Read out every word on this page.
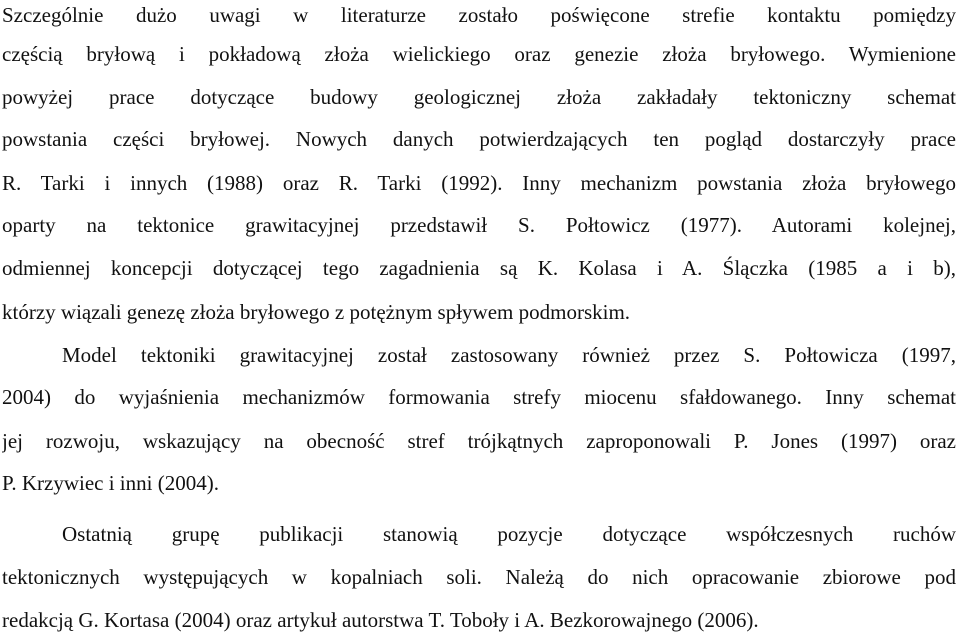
Szczególnie dużo uwagi w literaturze zostało poświęcone strefie kontaktu pomiędzy
częścią bryłową i pokładową złoża wielickiego oraz genezie złoża bryłowego. Wymienione
powyżej prace dotyczące budowy geologicznej złoża zakładały tektoniczny schemat
powstania części bryłowej. Nowych danych potwierdzających ten pogląd dostarczyły prace
R. Tarki i innych (1988) oraz R. Tarki (1992). Inny mechanizm powstania złoża bryłowego
oparty na tektonice grawitacyjnej przedstawił S. Połtowicz (1977). Autorami kolejnej,
odmiennej koncepcji dotyczącej tego zagadnienia są K. Kolasa i A. Ślączka (1985 a i b),
którzy wiązali genezę złoża bryłowego z potężnym spływem podmorskim.
Model tektoniki grawitacyjnej został zastosowany również przez S. Połtowicza (1997,
2004) do wyjaśnienia mechanizmów formowania strefy miocenu sfałdowanego. Inny schemat
jej rozwoju, wskazujący na obecność stref trójkątnych zaproponowali P. Jones (1997) oraz
P. Krzywiec i inni (2004).
Ostatnią grupę publikacji stanowią pozycje dotyczące współczesnych ruchów
tektonicznych występujących w kopalniach soli. Należą do nich opracowanie zbiorowe pod
redakcją G. Kortasa (2004) oraz artykuł autorstwa T. Toboły i A. Bezkorowajnego (2006).
